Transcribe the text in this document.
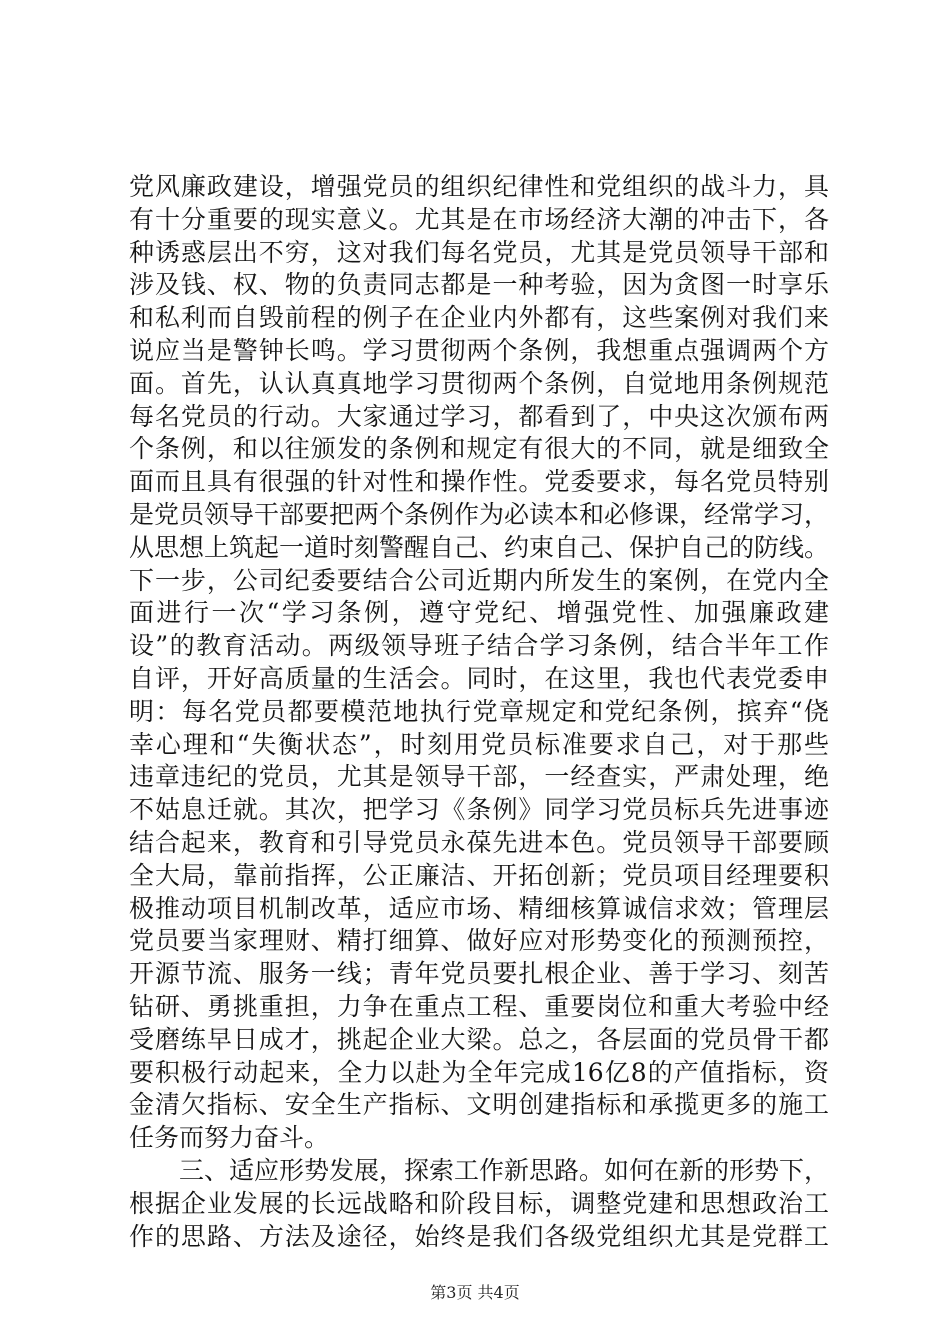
党风廉政建设，增强党员的组织纪律性和党组织的战斗力，具
有十分重要的现实意义。尤其是在市场经济大潮的冲击下，各
种诱惑层出不穷，这对我们每名党员，尤其是党员领导干部和
涉及钱、权、物的负责同志都是一种考验，因为贪图一时享乐
和私利而自毁前程的例子在企业内外都有，这些案例对我们来
说应当是警钟长鸣。学习贯彻两个条例，我想重点强调两个方
面。首先，认认真真地学习贯彻两个条例，自觉地用条例规范
每名党员的行动。大家通过学习，都看到了，中央这次颁布两
个条例，和以往颁发的条例和规定有很大的不同，就是细致全
面而且具有很强的针对性和操作性。党委要求，每名党员特别
是党员领导干部要把两个条例作为必读本和必修课，经常学习，
从思想上筑起一道时刻警醒自己、约束自己、保护自己的防线。
下一步，公司纪委要结合公司近期内所发生的案例，在党内全
面进行一次“学习条例，遵守党纪、增强党性、加强廉政建
设”的教育活动。两级领导班子结合学习条例，结合半年工作
自评，开好高质量的生活会。同时，在这里，我也代表党委申
明：每名党员都要模范地执行党章规定和党纪条例，摈弃“侥
幸心理和“失衡状态”，时刻用党员标准要求自己，对于那些
违章违纪的党员，尤其是领导干部，一经查实，严肃处理，绝
不姑息迁就。其次，把学习《条例》同学习党员标兵先进事迹
结合起来，教育和引导党员永葆先进本色。党员领导干部要顾
全大局，靠前指挥，公正廉洁、开拓创新；党员项目经理要积
极推动项目机制改革，适应市场、精细核算诚信求效；管理层
党员要当家理财、精打细算、做好应对形势变化的预测预控，
开源节流、服务一线；青年党员要扎根企业、善于学习、刻苦
钻研、勇挑重担，力争在重点工程、重要岗位和重大考验中经
受磨练早日成才，挑起企业大梁。总之，各层面的党员骨干都
要积极行动起来，全力以赴为全年完成16亿8的产值指标，资
金清欠指标、安全生产指标、文明创建指标和承揽更多的施工
任务而努力奋斗。
三、适应形势发展，探索工作新思路。如何在新的形势下，
根据企业发展的长远战略和阶段目标，调整党建和思想政治工
作的思路、方法及途径，始终是我们各级党组织尤其是党群工
第3页 共4页
